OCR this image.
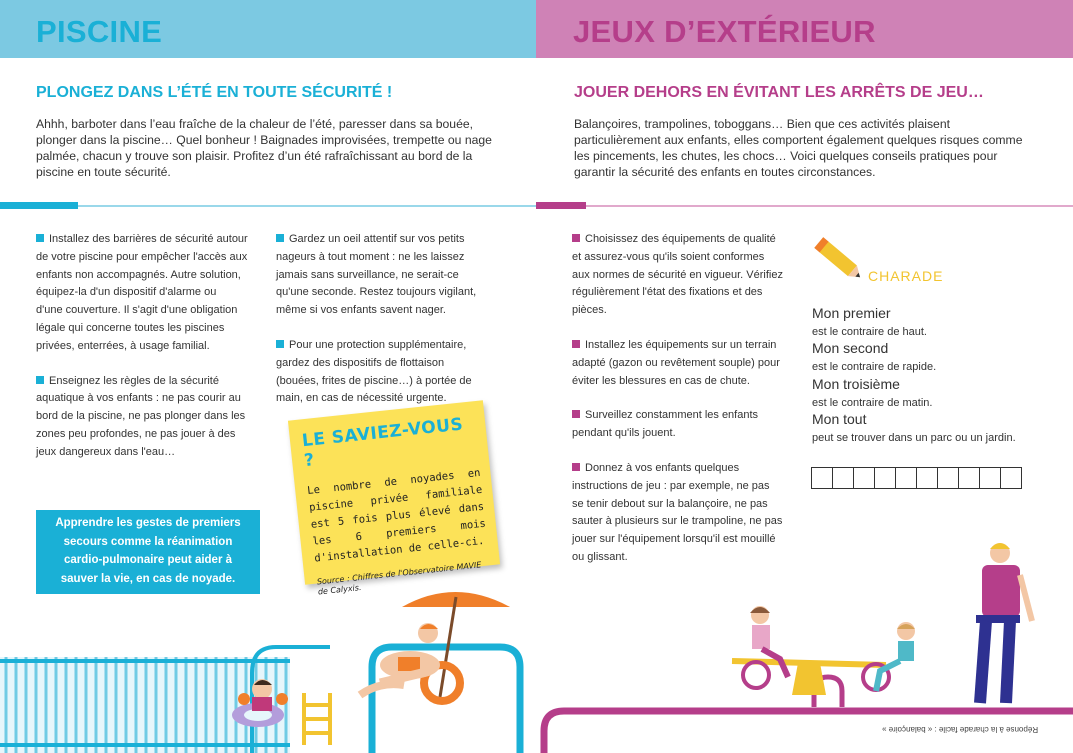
PISCINE
PLONGEZ DANS L’ÉTÉ EN TOUTE SÉCURITÉ !
Ahhh, barboter dans l’eau fraîche de la chaleur de l’été, paresser dans sa bouée,
plonger dans la piscine… Quel bonheur ! Baignades improvisées, trempette ou nage
palmée, chacun y trouve son plaisir. Profitez d’un été rafraîchissant au bord de la
piscine en toute sécurité.
Installez des barrières de sécurité autour
de votre piscine pour empêcher l'accès aux
enfants non accompagnés. Autre solution,
équipez-la d'un dispositif d'alarme ou
d'une couverture. Il s'agit d'une obligation
légale qui concerne toutes les piscines
privées, enterrées, à usage familial.
Enseignez les règles de la sécurité
aquatique à vos enfants : ne pas courir au
bord de la piscine, ne pas plonger dans les
zones peu profondes, ne pas jouer à des
jeux dangereux dans l'eau…
Gardez un oeil attentif sur vos petits
nageurs à tout moment : ne les laissez
jamais sans surveillance, ne serait-ce
qu'une seconde. Restez toujours vigilant,
même si vos enfants savent nager.
Pour une protection supplémentaire,
gardez des dispositifs de flottaison
(bouées, frites de piscine…) à portée de
main, en cas de nécessité urgente.
Apprendre les gestes de premiers
secours comme la réanimation
cardio-pulmonaire peut aider à
sauver la vie, en cas de noyade.
LE SAVIEZ-VOUS ?
Le nombre de noyades en piscine privée familiale est 5 fois plus élevé dans les 6 premiers mois d'installation de celle-ci.
Source : Chiffres de l'Observatoire MAVIE de Calyxis.
JEUX D’EXTÉRIEUR
JOUER DEHORS EN ÉVITANT LES ARRÊTS DE JEU…
Balançoires, trampolines, toboggans… Bien que ces activités plaisent
particulièrement aux enfants, elles comportent également quelques risques comme
les pincements, les chutes, les chocs… Voici quelques conseils pratiques pour
garantir la sécurité des enfants en toutes circonstances.
Choisissez des équipements de qualité
et assurez-vous qu'ils soient conformes
aux normes de sécurité en vigueur. Vérifiez
régulièrement l'état des fixations et des
pièces.
Installez les équipements sur un terrain
adapté (gazon ou revêtement souple) pour
éviter les blessures en cas de chute.
Surveillez constamment les enfants
pendant qu'ils jouent.
Donnez à vos enfants quelques
instructions de jeu : par exemple, ne pas
se tenir debout sur la balançoire, ne pas
sauter à plusieurs sur le trampoline, ne pas
jouer sur l'équipement lorsqu'il est mouillé
ou glissant.
CHARADE
Mon premier
est le contraire de haut.
Mon second
est le contraire de rapide.
Mon troisième
est le contraire de matin.
Mon tout
peut se trouver dans un parc ou un jardin.
Réponse à la charade facile : « balançoire »
